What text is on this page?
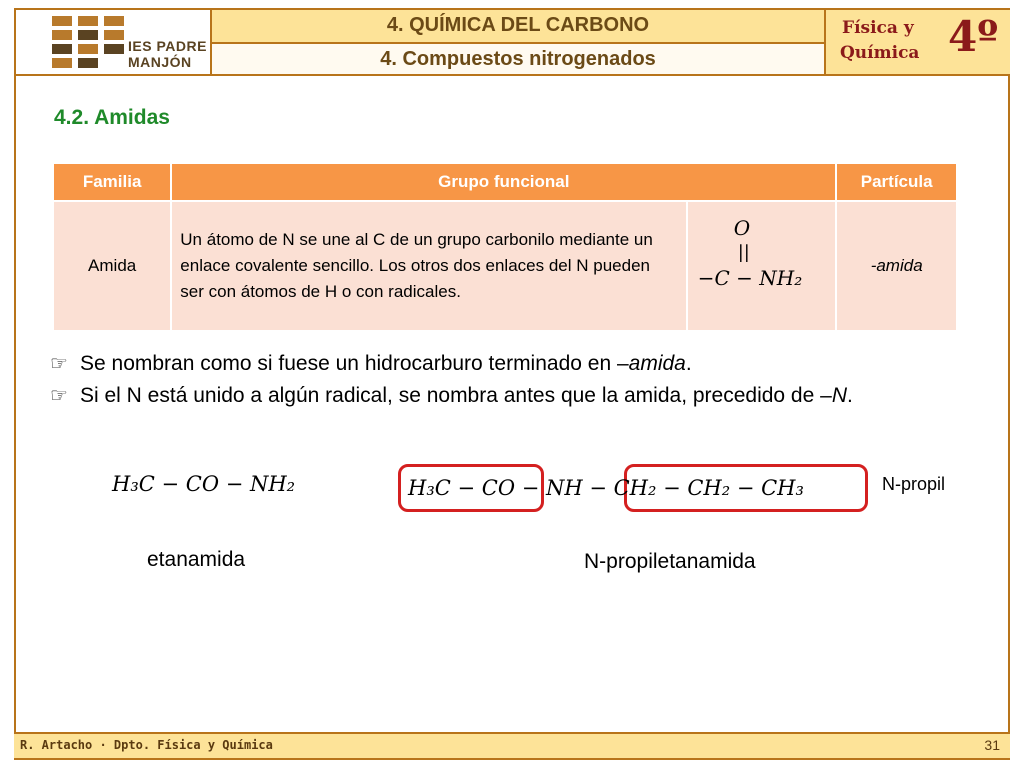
IES PADRE
MANJÓN
4. QUÍMICA DEL CARBONO
4. Compuestos nitrogenados
Física y
Química 4º
4.2. Amidas
Familia	Grupo funcional		Partícula
Amida	Un átomo de N se une al C de un grupo carbonilo mediante un enlace covalente sencillo. Los otros dos enlaces del N pueden ser con átomos de H o con radicales.	O
||
−C − NH₂	-amida
☞ Se nombran como si fuese un hidrocarburo terminado en –amida.
☞ Si el N está unido a algún radical, se nombra antes que la amida, precedido de –N.
H₃C − CO − NH₂
etanamida
H₃C − CO − NH − CH₂ − CH₂ − CH₃
N-propiletanamida
N-propil
R. Artacho · Dpto. Física y Química	31
